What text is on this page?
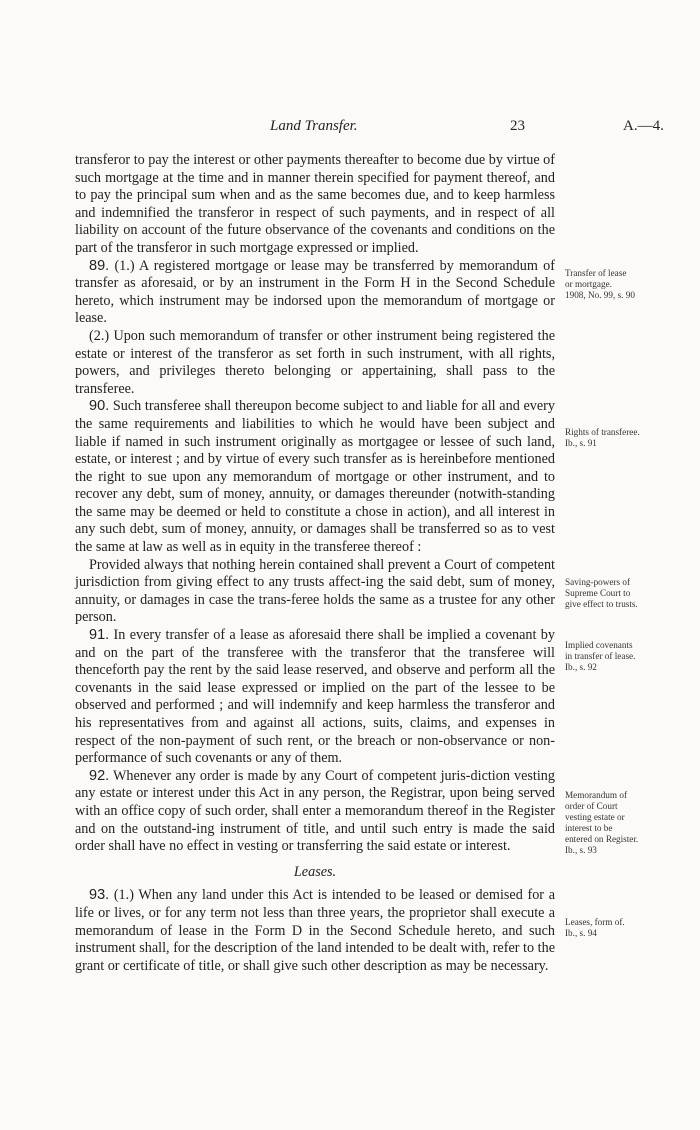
Land Transfer.	23	A.—4.

transferor to pay the interest or other payments thereafter to become due by virtue of such mortgage at the time and in manner therein specified for payment thereof, and to pay the principal sum when and as the same becomes due, and to keep harmless and indemnified the transferor in respect of such payments, and in respect of all liability on account of the future observance of the covenants and conditions on the part of the transferor in such mortgage expressed or implied.

89. (1.) A registered mortgage or lease may be transferred by memorandum of transfer as aforesaid, or by an instrument in the Form H in the Second Schedule hereto, which instrument may be indorsed upon the memorandum of mortgage or lease.

(2.) Upon such memorandum of transfer or other instrument being registered the estate or interest of the transferor as set forth in such instrument, with all rights, powers, and privileges thereto belonging or appertaining, shall pass to the transferee.

90. Such transferee shall thereupon become subject to and liable for all and every the same requirements and liabilities to which he would have been subject and liable if named in such instrument originally as mortgagee or lessee of such land, estate, or interest ; and by virtue of every such transfer as is hereinbefore mentioned the right to sue upon any memorandum of mortgage or other instrument, and to recover any debt, sum of money, annuity, or damages thereunder (notwith-standing the same may be deemed or held to constitute a chose in action), and all interest in any such debt, sum of money, annuity, or damages shall be transferred so as to vest the same at law as well as in equity in the transferee thereof :

Provided always that nothing herein contained shall prevent a Court of competent jurisdiction from giving effect to any trusts affect-ing the said debt, sum of money, annuity, or damages in case the trans-feree holds the same as a trustee for any other person.

91. In every transfer of a lease as aforesaid there shall be implied a covenant by and on the part of the transferee with the transferor that the transferee will thenceforth pay the rent by the said lease reserved, and observe and perform all the covenants in the said lease expressed or implied on the part of the lessee to be observed and performed ; and will indemnify and keep harmless the transferor and his representatives from and against all actions, suits, claims, and expenses in respect of the non-payment of such rent, or the breach or non-observance or non-performance of such covenants or any of them.

92. Whenever any order is made by any Court of competent juris-diction vesting any estate or interest under this Act in any person, the Registrar, upon being served with an office copy of such order, shall enter a memorandum thereof in the Register and on the outstand-ing instrument of title, and until such entry is made the said order shall have no effect in vesting or transferring the said estate or interest.

Leases.

93. (1.) When any land under this Act is intended to be leased or demised for a life or lives, or for any term not less than three years, the proprietor shall execute a memorandum of lease in the Form D in the Second Schedule hereto, and such instrument shall, for the description of the land intended to be dealt with, refer to the grant or certificate of title, or shall give such other description as may be necessary.

Transfer of lease
or mortgage.
1908, No. 99, s. 90
Rights of transferee.
Ib., s. 91
Saving-powers of
Supreme Court to
give effect to trusts.
Implied covenants
in transfer of lease.
Ib., s. 92
Memorandum of
order of Court
vesting estate or
interest to be
entered on Register.
Ib., s. 93
Leases, form of.
Ib., s. 94
